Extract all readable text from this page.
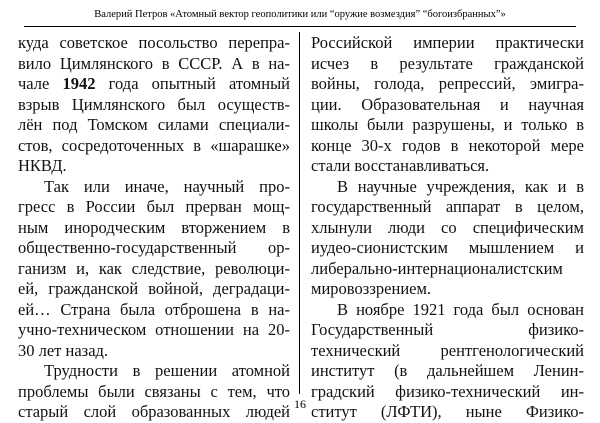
Валерий Петров «Атомный вектор геополитики или “оружие возмездия” “богоизбранных”»
куда советское посольство перепра-
вило Цимлянского в СССР. А в на-
чале 1942 года опытный атомный
взрыв Цимлянского был осуществ-
лён под Томском силами специали-
стов, сосредоточенных в «шарашке»
НКВД.
Так или иначе, научный про-
гресс в России был прерван мощ-
ным инородческим вторжением в
общественно-государственный ор-
ганизм и, как следствие, революци-
ей, гражданской войной, деградаци-
ей… Страна была отброшена в на-
учно-техническом отношении на 20-
30 лет назад.
Трудности в решении атомной
проблемы были связаны с тем, что
старый слой образованных людей
Российской империи практически
исчез в результате гражданской
войны, голода, репрессий, эмигра-
ции. Образовательная и научная
школы были разрушены, и только в
конце 30-х годов в некоторой мере
стали восстанавливаться.
В научные учреждения, как и в
государственный аппарат в целом,
хлынули люди со специфическим
иудео-сионистским мышлением и
либерально-интернационалистским
мировоззрением.
В ноябре 1921 года был основан
Государственный физико-
технический рентгенологический
институт (в дальнейшем Ленин-
градский физико-технический ин-
ститут (ЛФТИ), ныне Физико-
16
